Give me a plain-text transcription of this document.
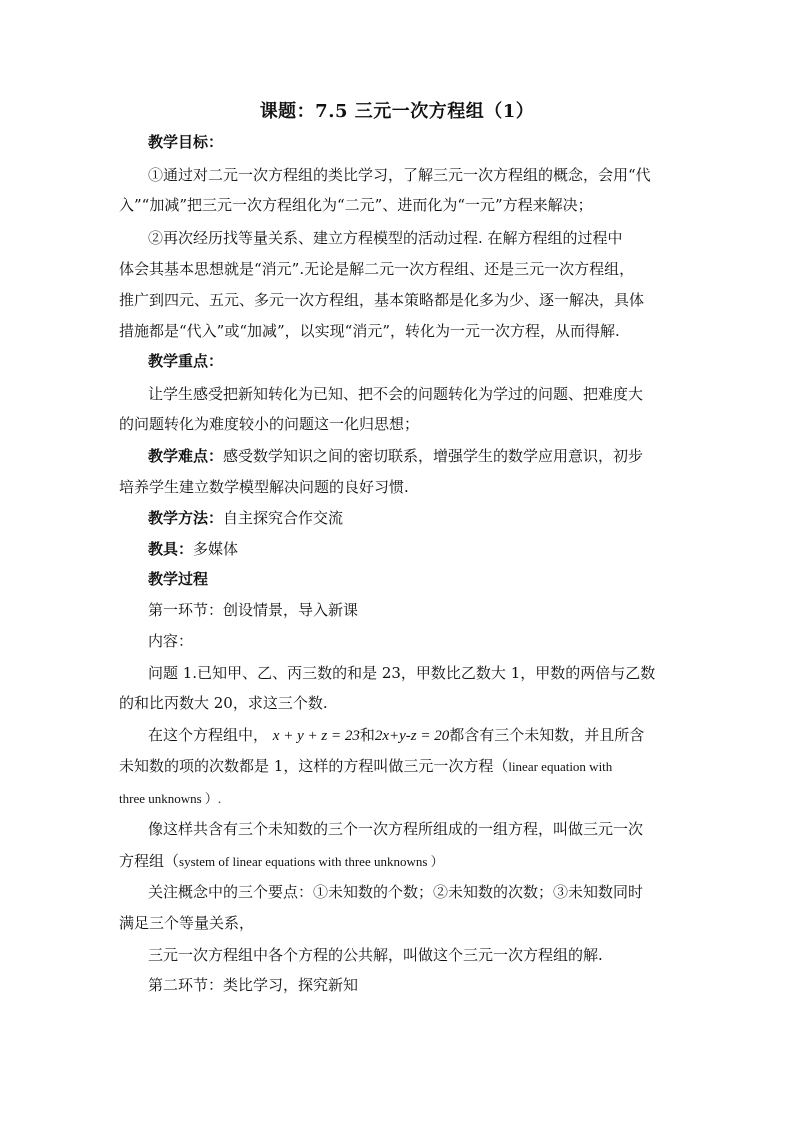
课题：7.5 三元一次方程组（1）
教学目标：
①通过对二元一次方程组的类比学习，了解三元一次方程组的概念，会用“代
入”“加减”把三元一次方程组化为“二元”、进而化为“一元”方程来解决；
②再次经历找等量关系、建立方程模型的活动过程. 在解方程组的过程中
体会其基本思想就是“消元”.无论是解二元一次方程组、还是三元一次方程组，
推广到四元、五元、多元一次方程组，基本策略都是化多为少、逐一解决，具体
措施都是“代入”或“加减”，以实现“消元”，转化为一元一次方程，从而得解.
教学重点：
让学生感受把新知转化为已知、把不会的问题转化为学过的问题、把难度大
的问题转化为难度较小的问题这一化归思想；
教学难点：感受数学知识之间的密切联系，增强学生的数学应用意识，初步
培养学生建立数学模型解决问题的良好习惯.
教学方法：自主探究合作交流
教具：多媒体
教学过程
第一环节：创设情景，导入新课
内容：
问题 1.已知甲、乙、丙三数的和是 23，甲数比乙数大 1，甲数的两倍与乙数
的和比丙数大 20，求这三个数.
在这个方程组中， x + y + z = 23和2x+y-z = 20都含有三个未知数，并且所含
未知数的项的次数都是 1，这样的方程叫做三元一次方程（linear equation with
three unknowns ）.
像这样共含有三个未知数的三个一次方程所组成的一组方程，叫做三元一次
方程组（system of linear equations with three unknowns ）
关注概念中的三个要点：①未知数的个数；②未知数的次数；③未知数同时
满足三个等量关系，
三元一次方程组中各个方程的公共解，叫做这个三元一次方程组的解.
第二环节：类比学习，探究新知
